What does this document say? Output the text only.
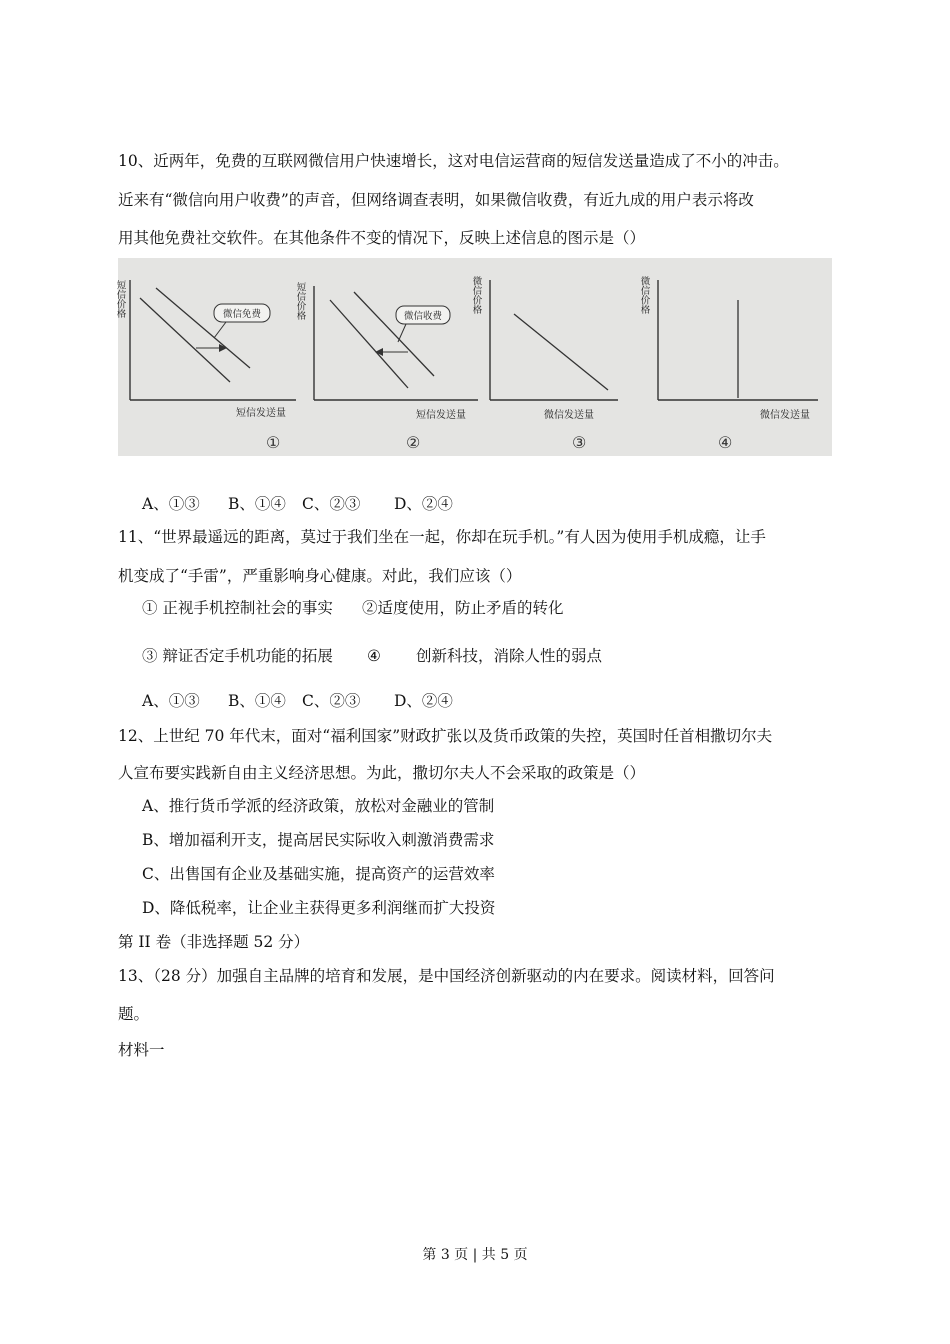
10、近两年，免费的互联网微信用户快速增长，这对电信运营商的短信发送量造成了不小的冲击。
近来有“微信向用户收费”的声音，但网络调查表明，如果微信收费，有近九成的用户表示将改
用其他免费社交软件。在其他条件不变的情况下，反映上述信息的图示是（）
微信免费
短信价格
短信发送量
①
微信收费
短信价格
短信发送量
②
微信价格
微信发送量
③
微信价格
微信发送量
④
A、①③ B、①④ C、②③ D、②④
11、“世界最遥远的距离，莫过于我们坐在一起，你却在玩手机。”有人因为使用手机成瘾，让手
机变成了“手雷”，严重影响身心健康。对此，我们应该（）
① 正视手机控制社会的事实 ②适度使用，防止矛盾的转化
③ 辩证否定手机功能的拓展 ④ 创新科技，消除人性的弱点
A、①③ B、①④ C、②③ D、②④
12、上世纪 70 年代末，面对“福利国家”财政扩张以及货币政策的失控，英国时任首相撒切尔夫
人宣布要实践新自由主义经济思想。为此，撒切尔夫人不会采取的政策是（）
A、推行货币学派的经济政策，放松对金融业的管制
B、增加福利开支，提高居民实际收入刺激消费需求
C、出售国有企业及基础实施，提高资产的运营效率
D、降低税率，让企业主获得更多利润继而扩大投资
第 II 卷（非选择题 52 分）
13、（28 分）加强自主品牌的培育和发展，是中国经济创新驱动的内在要求。阅读材料，回答问
题。
材料一
第 3 页 | 共 5 页
